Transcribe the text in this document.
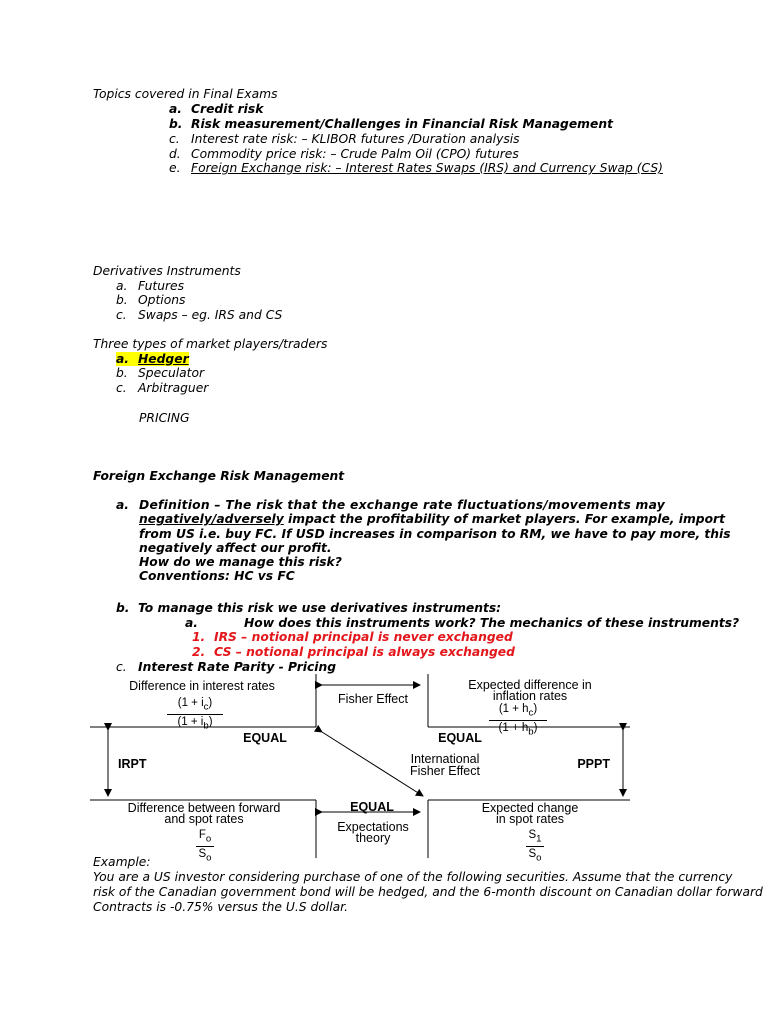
Topics covered in Final Exams
a. Credit risk
b. Risk measurement/Challenges in Financial Risk Management
c. Interest rate risk: – KLIBOR futures /Duration analysis
d. Commodity price risk: – Crude Palm Oil (CPO) futures
e. Foreign Exchange risk: – Interest Rates Swaps (IRS) and Currency Swap (CS)
Derivatives Instruments
a. Futures
b. Options
c. Swaps – eg. IRS and CS
Three types of market players/traders
a. Hedger
b. Speculator
c. Arbitraguer
PRICING
Foreign Exchange Risk Management
a. Definition – The risk that the exchange rate fluctuations/movements may
negatively/adversely impact the profitability of market players. For example, import
from US i.e. buy FC. If USD increases in comparison to RM, we have to pay more, this
negatively affect our profit.
How do we manage this risk?
Conventions: HC vs FC
b. To manage this risk we use derivatives instruments:
a.	How does this instruments work? The mechanics of these instruments?
1. IRS – notional principal is never exchanged
2. CS – notional principal is always exchanged
c. Interest Rate Parity - Pricing
Difference in interest rates
$(1 + i_c)$
$(1 + i_b)$
EQUAL
Fisher Effect
Expected difference in
inflation rates
$(1 + h_c)$
$(1 + h_b)$
EQUAL
IRPT	PPPT
International
Fisher Effect
Difference between forward
and spot rates
$F_o$
$S_o$
EQUAL
Expectations
theory
Expected change
in spot rates
$S_1$
$S_o$
Example:
You are a US investor considering purchase of one of the following securities. Assume that the currency
risk of the Canadian government bond will be hedged, and the 6-month discount on Canadian dollar forward
Contracts is -0.75% versus the U.S dollar.
